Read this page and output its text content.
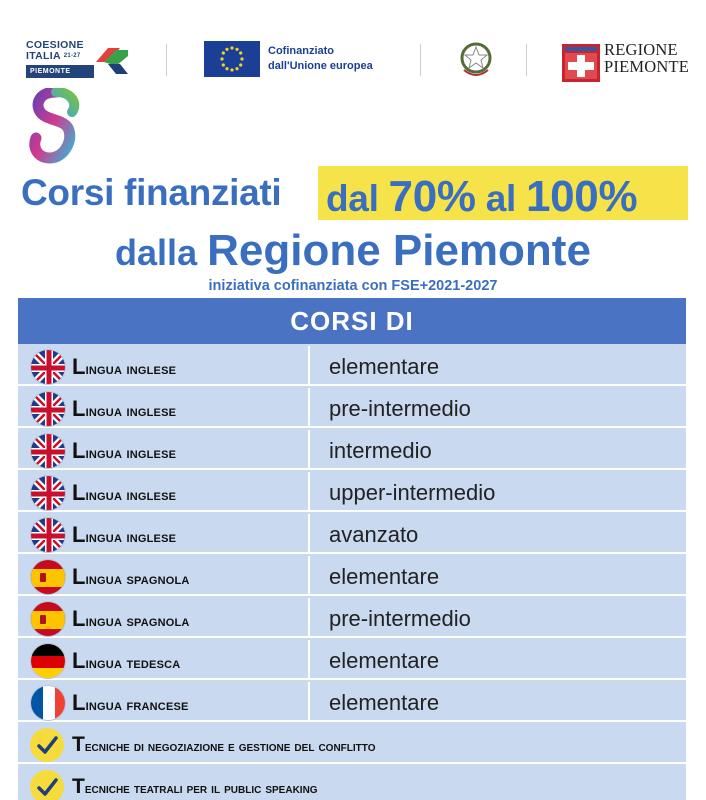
COESIONE
ITALIA $^{21-27}$
PIEMONTE
Cofinanziato
dall'Unione europea
REGIONE
PIEMONTE
Corsi finanziati dal 70% al 100%
dalla Regione Piemonte
iniziativa cofinanziata con FSE+2021-2027
CORSI DI
Lingua inglese	elementare
Lingua inglese	pre-intermedio
Lingua inglese	intermedio
Lingua inglese	upper-intermedio
Lingua inglese	avanzato
Lingua spagnola	elementare
Lingua spagnola	pre-intermedio
Lingua tedesca	elementare
Lingua francese	elementare
Tecniche di negoziazione e gestione del conflitto
Tecniche teatrali per il public speaking
